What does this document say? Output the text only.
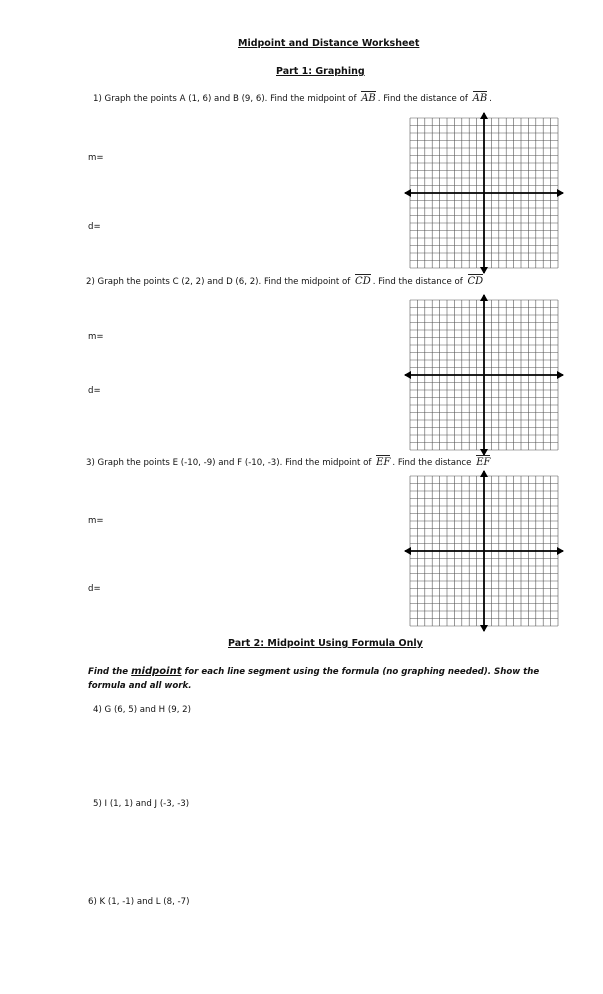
Midpoint and Distance Worksheet
Part 1: Graphing
1) Graph the points A (1, 6) and B (9, 6). Find the midpoint of AB . Find the distance of AB .
m=
d=
2) Graph the points C (2, 2) and D (6, 2). Find the midpoint of CD . Find the distance of CD
m=
d=
3) Graph the points E (-10, -9) and F (-10, -3). Find the midpoint of EF . Find the distance EF
m=
d=
Part 2: Midpoint Using Formula Only
Find the midpoint for each line segment using the formula (no graphing needed). Show the formula and all work.
4) G (6, 5) and H (9, 2)
5) I (1, 1) and J (-3, -3)
6) K (1, -1) and L (8, -7)
